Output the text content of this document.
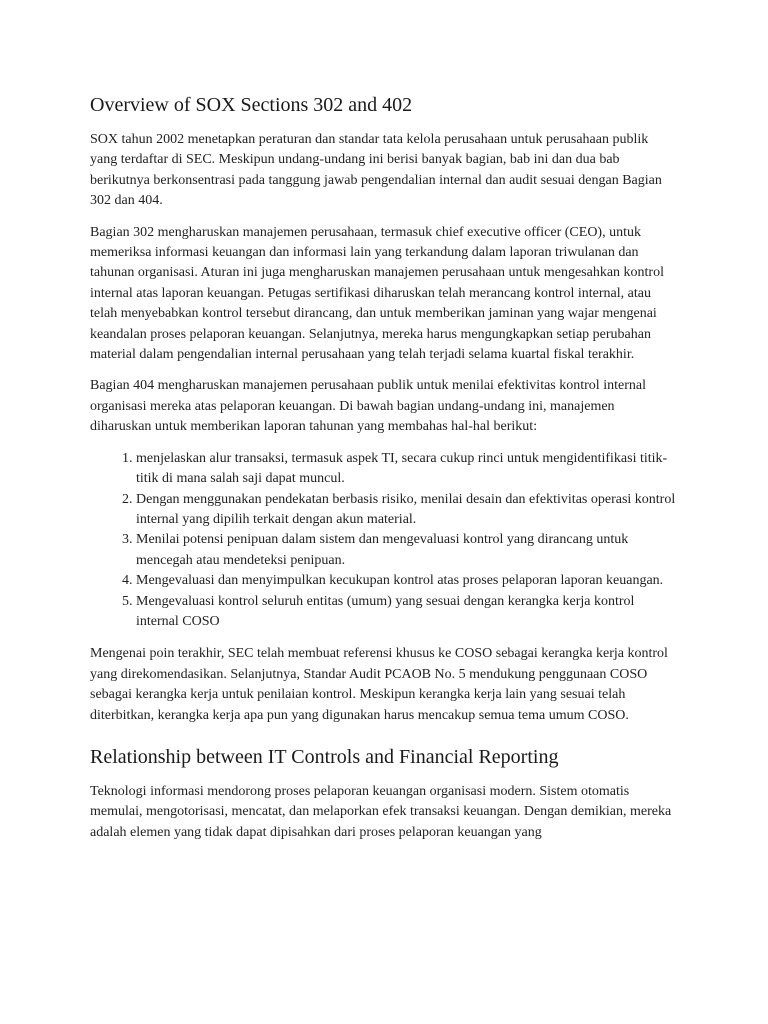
Overview of SOX Sections 302 and 402

SOX tahun 2002 menetapkan peraturan dan standar tata kelola perusahaan untuk perusahaan publik yang terdaftar di SEC. Meskipun undang-undang ini berisi banyak bagian, bab ini dan dua bab berikutnya berkonsentrasi pada tanggung jawab pengendalian internal dan audit sesuai dengan Bagian 302 dan 404.

Bagian 302 mengharuskan manajemen perusahaan, termasuk chief executive officer (CEO), untuk memeriksa informasi keuangan dan informasi lain yang terkandung dalam laporan triwulanan dan tahunan organisasi. Aturan ini juga mengharuskan manajemen perusahaan untuk mengesahkan kontrol internal atas laporan keuangan. Petugas sertifikasi diharuskan telah merancang kontrol internal, atau telah menyebabkan kontrol tersebut dirancang, dan untuk memberikan jaminan yang wajar mengenai keandalan proses pelaporan keuangan. Selanjutnya, mereka harus mengungkapkan setiap perubahan material dalam pengendalian internal perusahaan yang telah terjadi selama kuartal fiskal terakhir.

Bagian 404 mengharuskan manajemen perusahaan publik untuk menilai efektivitas kontrol internal organisasi mereka atas pelaporan keuangan. Di bawah bagian undang-undang ini, manajemen diharuskan untuk memberikan laporan tahunan yang membahas hal-hal berikut:

1. menjelaskan alur transaksi, termasuk aspek TI, secara cukup rinci untuk mengidentifikasi titik-titik di mana salah saji dapat muncul.
2. Dengan menggunakan pendekatan berbasis risiko, menilai desain dan efektivitas operasi kontrol internal yang dipilih terkait dengan akun material.
3. Menilai potensi penipuan dalam sistem dan mengevaluasi kontrol yang dirancang untuk mencegah atau mendeteksi penipuan.
4. Mengevaluasi dan menyimpulkan kecukupan kontrol atas proses pelaporan laporan keuangan.
5. Mengevaluasi kontrol seluruh entitas (umum) yang sesuai dengan kerangka kerja kontrol internal COSO

Mengenai poin terakhir, SEC telah membuat referensi khusus ke COSO sebagai kerangka kerja kontrol yang direkomendasikan. Selanjutnya, Standar Audit PCAOB No. 5 mendukung penggunaan COSO sebagai kerangka kerja untuk penilaian kontrol. Meskipun kerangka kerja lain yang sesuai telah diterbitkan, kerangka kerja apa pun yang digunakan harus mencakup semua tema umum COSO.

Relationship between IT Controls and Financial Reporting

Teknologi informasi mendorong proses pelaporan keuangan organisasi modern. Sistem otomatis memulai, mengotorisasi, mencatat, dan melaporkan efek transaksi keuangan. Dengan demikian, mereka adalah elemen yang tidak dapat dipisahkan dari proses pelaporan keuangan yang
